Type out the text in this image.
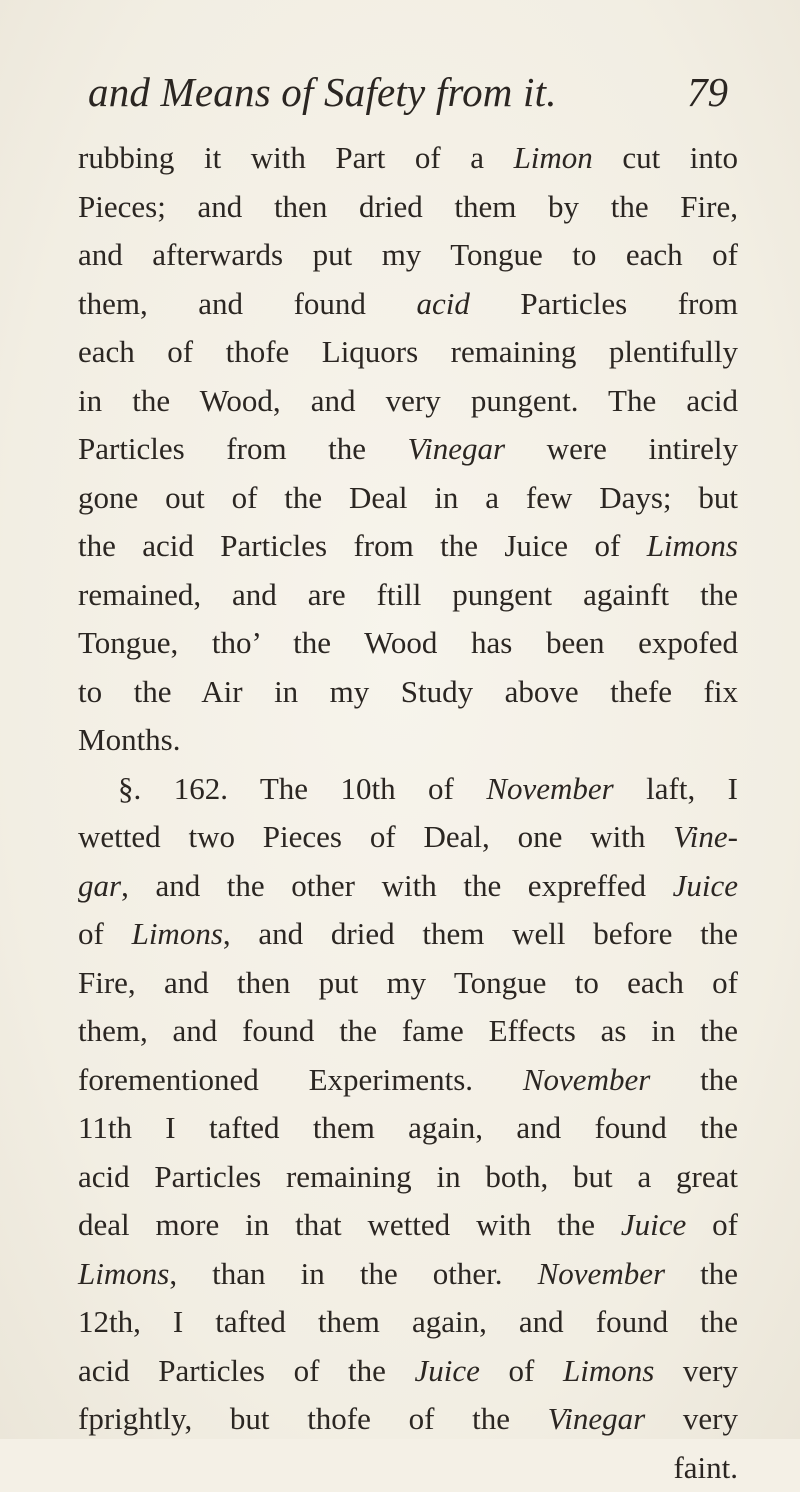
and Means of Safety from it.	79
rubbing it with Part of a Limon cut into
Pieces; and then dried them by the Fire,
and afterwards put my Tongue to each of
them, and found acid Particles from
each of thofe Liquors remaining plentifully
in the Wood, and very pungent. The acid
Particles from the Vinegar were intirely
gone out of the Deal in a few Days; but
the acid Particles from the Juice of Limons
remained, and are ftill pungent againft the
Tongue, tho’ the Wood has been expofed
to the Air in my Study above thefe fix
Months.
§. 162. The 10th of November laft, I
wetted two Pieces of Deal, one with Vine-
gar, and the other with the expreffed Juice
of Limons, and dried them well before the
Fire, and then put my Tongue to each of
them, and found the fame Effects as in the
forementioned Experiments. November the
11th I tafted them again, and found the
acid Particles remaining in both, but a great
deal more in that wetted with the Juice of
Limons, than in the other. November the
12th, I tafted them again, and found the
acid Particles of the Juice of Limons very
fprightly, but thofe of the Vinegar very
faint.
